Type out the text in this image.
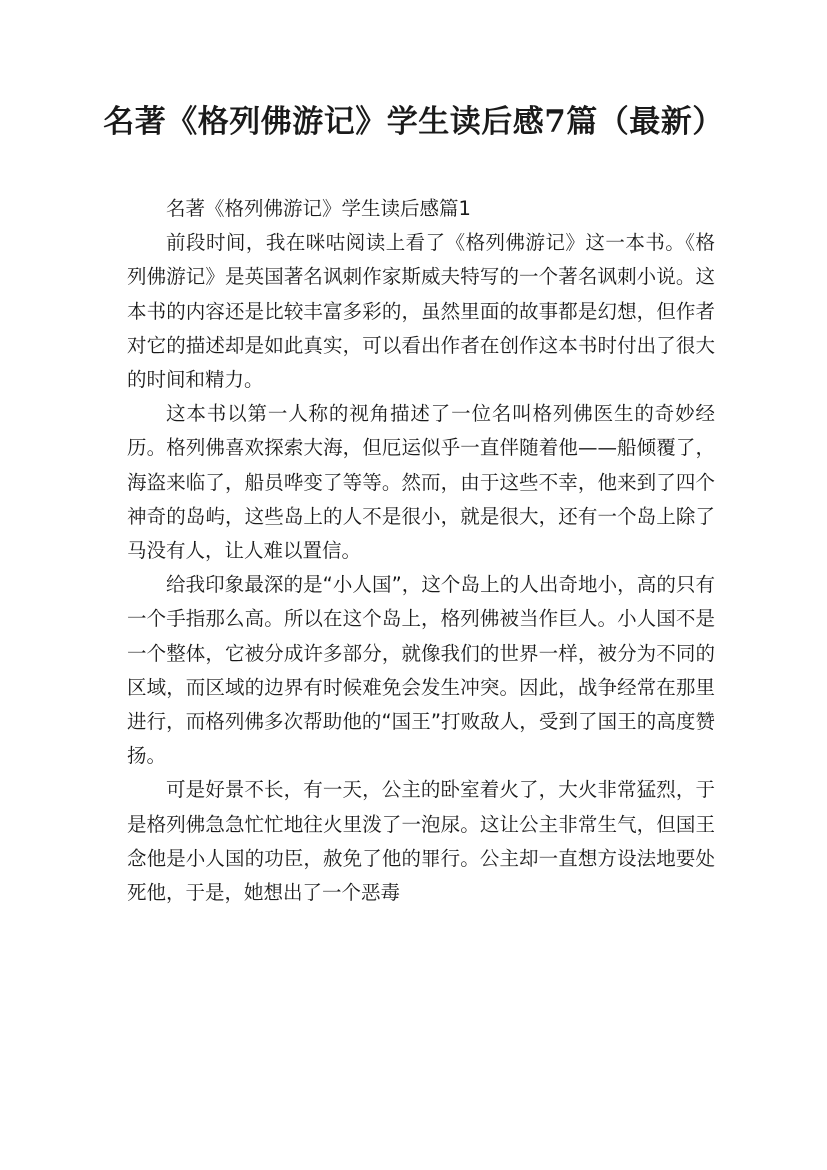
名著《格列佛游记》学生读后感7篇（最新）

名著《格列佛游记》学生读后感篇1

前段时间，我在咪咕阅读上看了《格列佛游记》这一本书。《格列佛游记》是英国著名讽刺作家斯威夫特写的一个著名讽刺小说。这本书的内容还是比较丰富多彩的，虽然里面的故事都是幻想，但作者对它的描述却是如此真实，可以看出作者在创作这本书时付出了很大的时间和精力。

这本书以第一人称的视角描述了一位名叫格列佛医生的奇妙经历。格列佛喜欢探索大海，但厄运似乎一直伴随着他——船倾覆了，海盗来临了，船员哗变了等等。然而，由于这些不幸，他来到了四个神奇的岛屿，这些岛上的人不是很小，就是很大，还有一个岛上除了马没有人，让人难以置信。

给我印象最深的是“小人国”，这个岛上的人出奇地小，高的只有一个手指那么高。所以在这个岛上，格列佛被当作巨人。小人国不是一个整体，它被分成许多部分，就像我们的世界一样，被分为不同的区域，而区域的边界有时候难免会发生冲突。因此，战争经常在那里进行，而格列佛多次帮助他的“国王”打败敌人，受到了国王的高度赞扬。

可是好景不长，有一天，公主的卧室着火了，大火非常猛烈，于是格列佛急急忙忙地往火里泼了一泡尿。这让公主非常生气，但国王念他是小人国的功臣，赦免了他的罪行。公主却一直想方设法地要处死他，于是，她想出了一个恶毒
